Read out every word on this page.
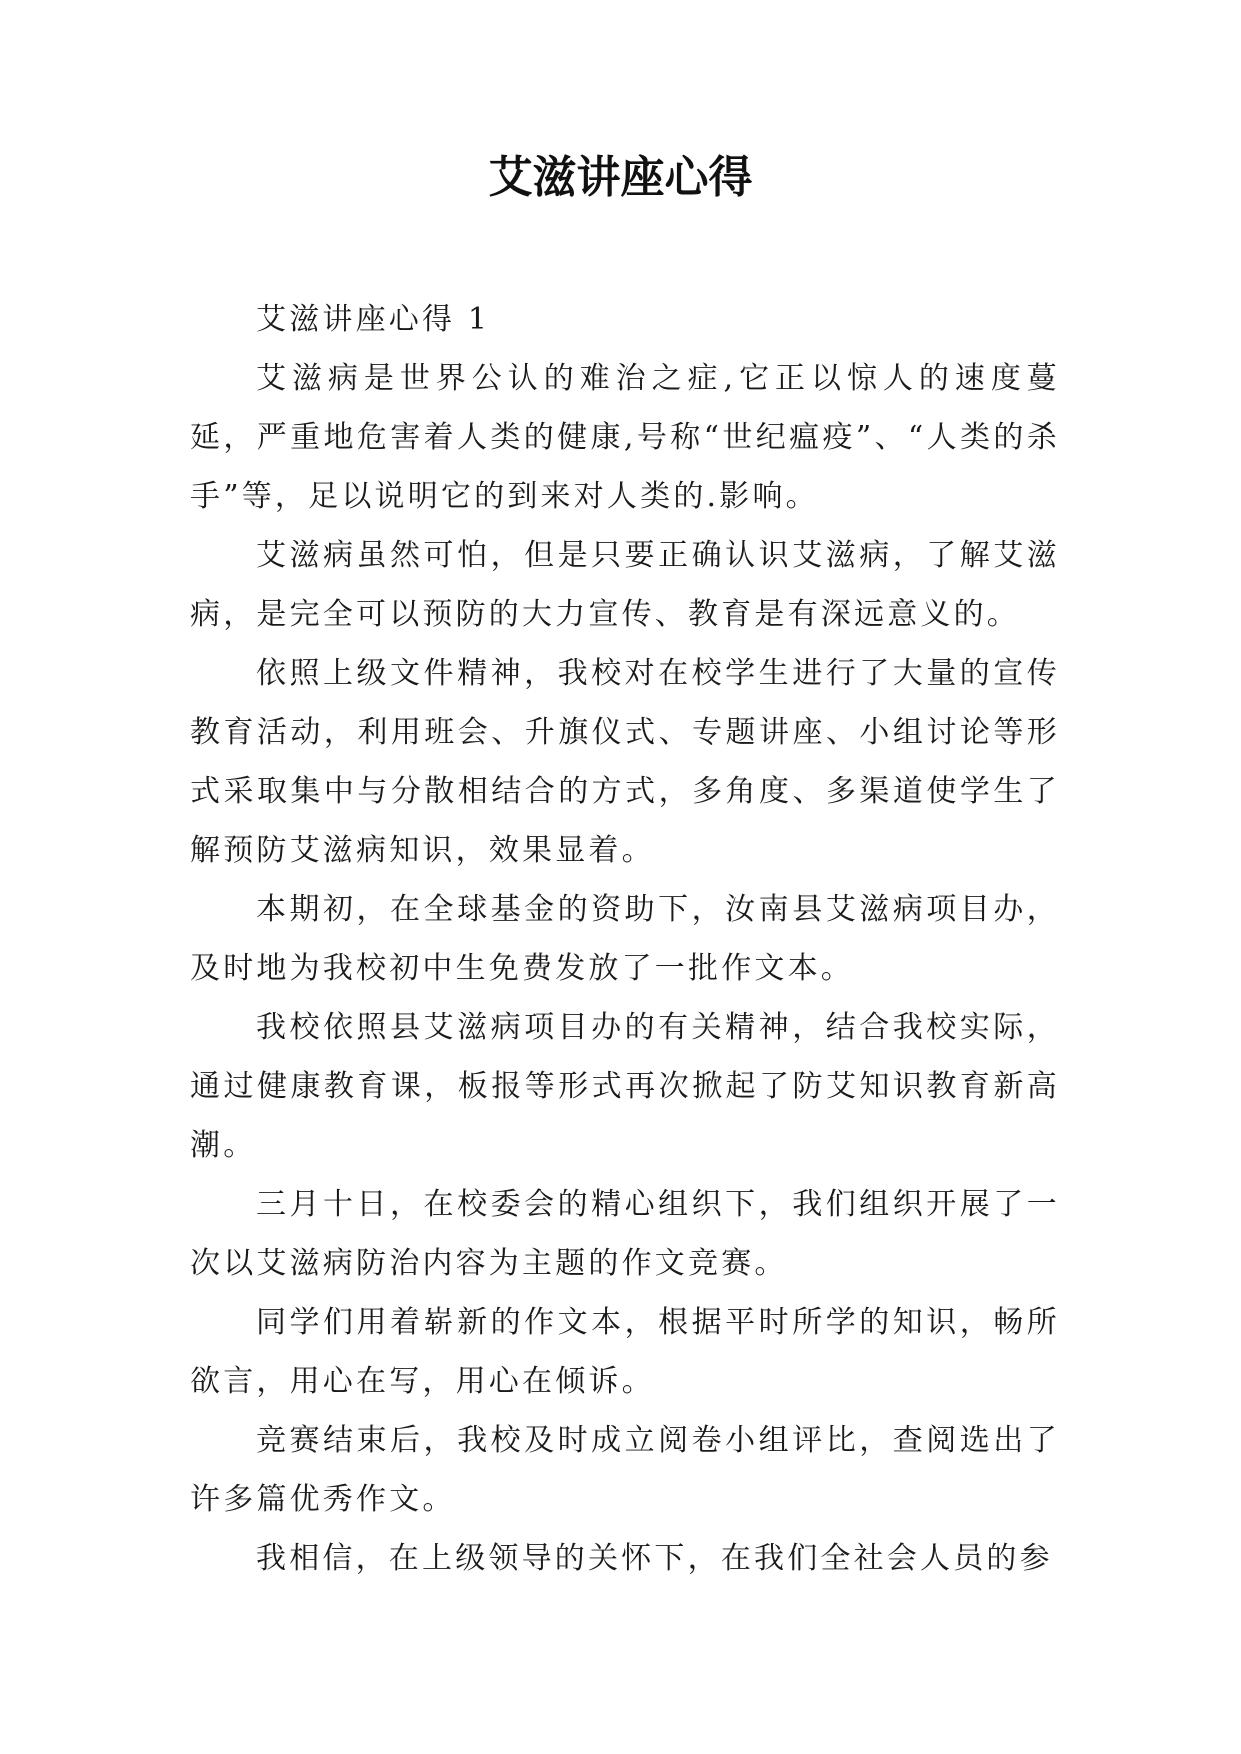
艾滋讲座心得

艾滋讲座心得 1

艾滋病是世界公认的难治之症,它正以惊人的速度蔓延，严重地危害着人类的健康,号称“世纪瘟疫”、“人类的杀手”等，足以说明它的到来对人类的.影响。

艾滋病虽然可怕，但是只要正确认识艾滋病，了解艾滋病，是完全可以预防的大力宣传、教育是有深远意义的。

依照上级文件精神，我校对在校学生进行了大量的宣传教育活动，利用班会、升旗仪式、专题讲座、小组讨论等形式采取集中与分散相结合的方式，多角度、多渠道使学生了解预防艾滋病知识，效果显着。

本期初，在全球基金的资助下，汝南县艾滋病项目办，及时地为我校初中生免费发放了一批作文本。

我校依照县艾滋病项目办的有关精神，结合我校实际，通过健康教育课，板报等形式再次掀起了防艾知识教育新高潮。

三月十日，在校委会的精心组织下，我们组织开展了一次以艾滋病防治内容为主题的作文竞赛。

同学们用着崭新的作文本，根据平时所学的知识，畅所欲言，用心在写，用心在倾诉。

竞赛结束后，我校及时成立阅卷小组评比，查阅选出了许多篇优秀作文。

我相信，在上级领导的关怀下，在我们全社会人员的参
